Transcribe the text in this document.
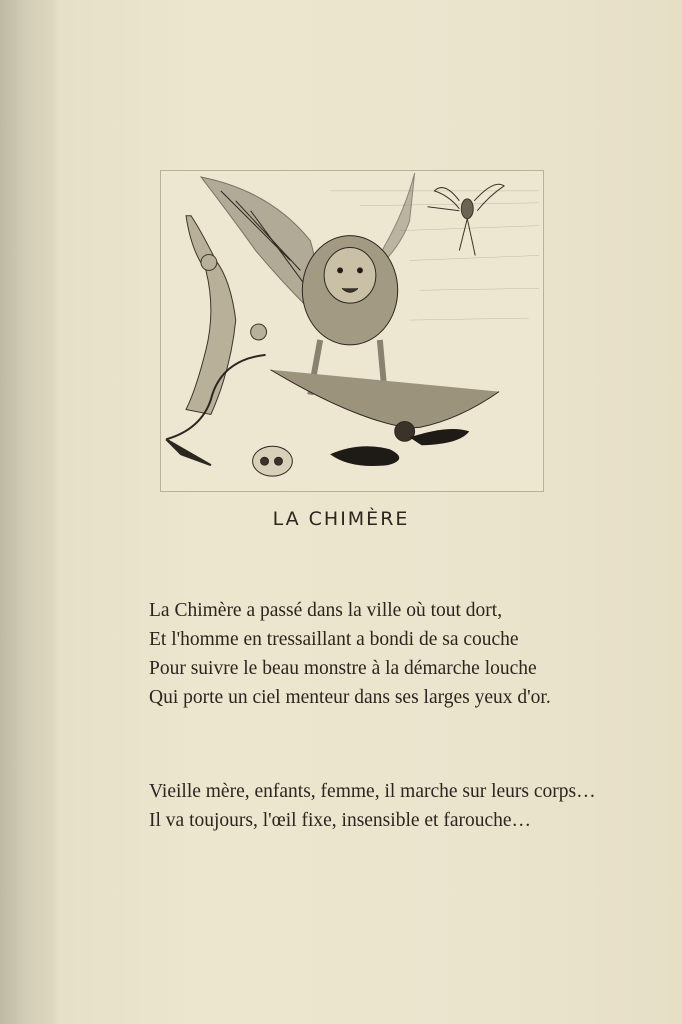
LA CHIMÈRE
La Chimère a passé dans la ville où tout dort,
Et l'homme en tressaillant a bondi de sa couche
Pour suivre le beau monstre à la démarche louche
Qui porte un ciel menteur dans ses larges yeux d'or.
Vieille mère, enfants, femme, il marche sur leurs corps…
Il va toujours, l'œil fixe, insensible et farouche…
